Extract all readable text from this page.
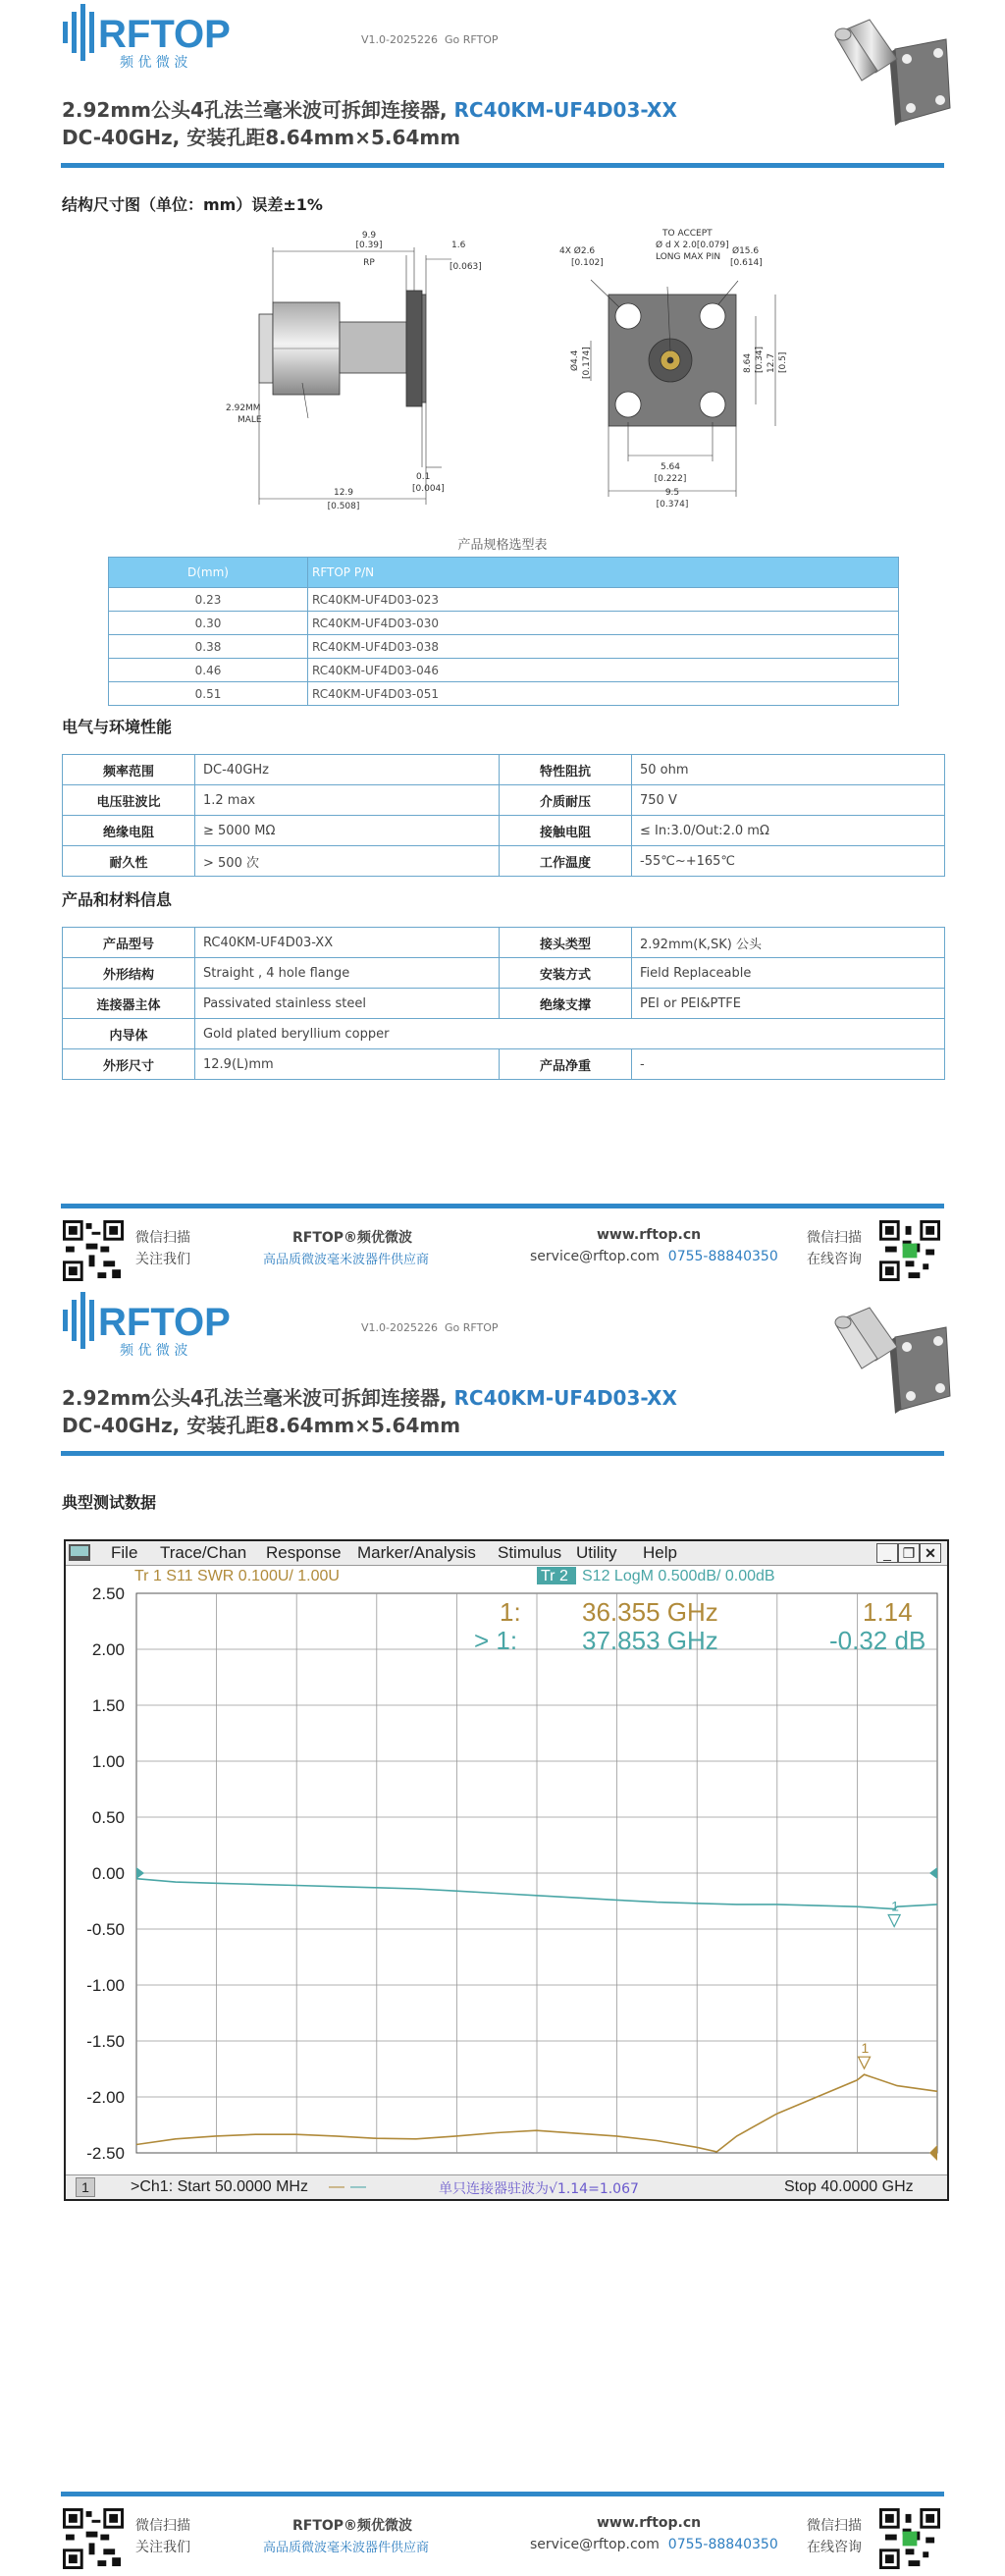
RFTOP
频 优 微 波
V1.0-2025226 Go RFTOP
2.92mm公头4孔法兰毫米波可拆卸连接器, RC40KM-UF4D03-XX
DC-40GHz, 安装孔距8.64mm×5.64mm
结构尺寸图（单位：mm）误差±1%
9.9
[0.39]
RP
1.6
[0.063]
2.92MM
MALE
0.1
[0.004]
12.9
[0.508]
4X Ø2.6
[0.102]
TO ACCEPT
Ø d X 2.0[0.079]
LONG MAX PIN
Ø15.6
[0.614]
Ø4.4 [0.174]	8.64 [0.34] 12.7 [0.5]
5.64
[0.222]
9.5
[0.374]
产品规格选型表
D(mm)	RFTOP P/N
0.23	RC40KM-UF4D03-023
0.30	RC40KM-UF4D03-030
0.38	RC40KM-UF4D03-038
0.46	RC40KM-UF4D03-046
0.51	RC40KM-UF4D03-051
电气与环境性能
频率范围	DC-40GHz	特性阻抗	50 ohm
电压驻波比	1.2 max	介质耐压	750 V
绝缘电阻	≥ 5000 MΩ	接触电阻	≤ In:3.0/Out:2.0 mΩ
耐久性	> 500 次	工作温度	-55℃~+165℃
产品和材料信息
产品型号	RC40KM-UF4D03-XX	接头类型	2.92mm(K,SK) 公头
外形结构	Straight , 4 hole flange	安装方式	Field Replaceable
连接器主体	Passivated stainless steel	绝缘支撑	PEI or PEI&PTFE
内导体	Gold plated beryllium copper		
外形尺寸	12.9(L)mm	产品净重	-
微信扫描
关注我们
RFTOP®频优微波
高品质微波毫米波器件供应商
www.rftop.cn
service@rftop.com 0755-88840350
微信扫描
在线咨询
RFTOP
频 优 微 波
V1.0-2025226 Go RFTOP
2.92mm公头4孔法兰毫米波可拆卸连接器, RC40KM-UF4D03-XX
DC-40GHz, 安装孔距8.64mm×5.64mm
典型测试数据
File Trace/Chan Response Marker/Analysis Stimulus Utility Help	_ ❐ ✕
Tr 1 S11 SWR 0.100U/ 1.00U	Tr 2 S12 LogM 0.500dB/ 0.00dB
2.50
2.00
1.50
1.00
0.50
0.00
-0.50
-1.00
-1.50
-2.00
-2.50
1
1
1: 36.355 GHz	1.14
> 1:	37.853 GHz	-0.32 dB
1	>Ch1: Start 50.0000 MHz — —	单只连接器驻波为√1.14=1.067	Stop 40.0000 GHz
微信扫描
关注我们
RFTOP®频优微波
高品质微波毫米波器件供应商
www.rftop.cn
service@rftop.com 0755-88840350
微信扫描
在线咨询
